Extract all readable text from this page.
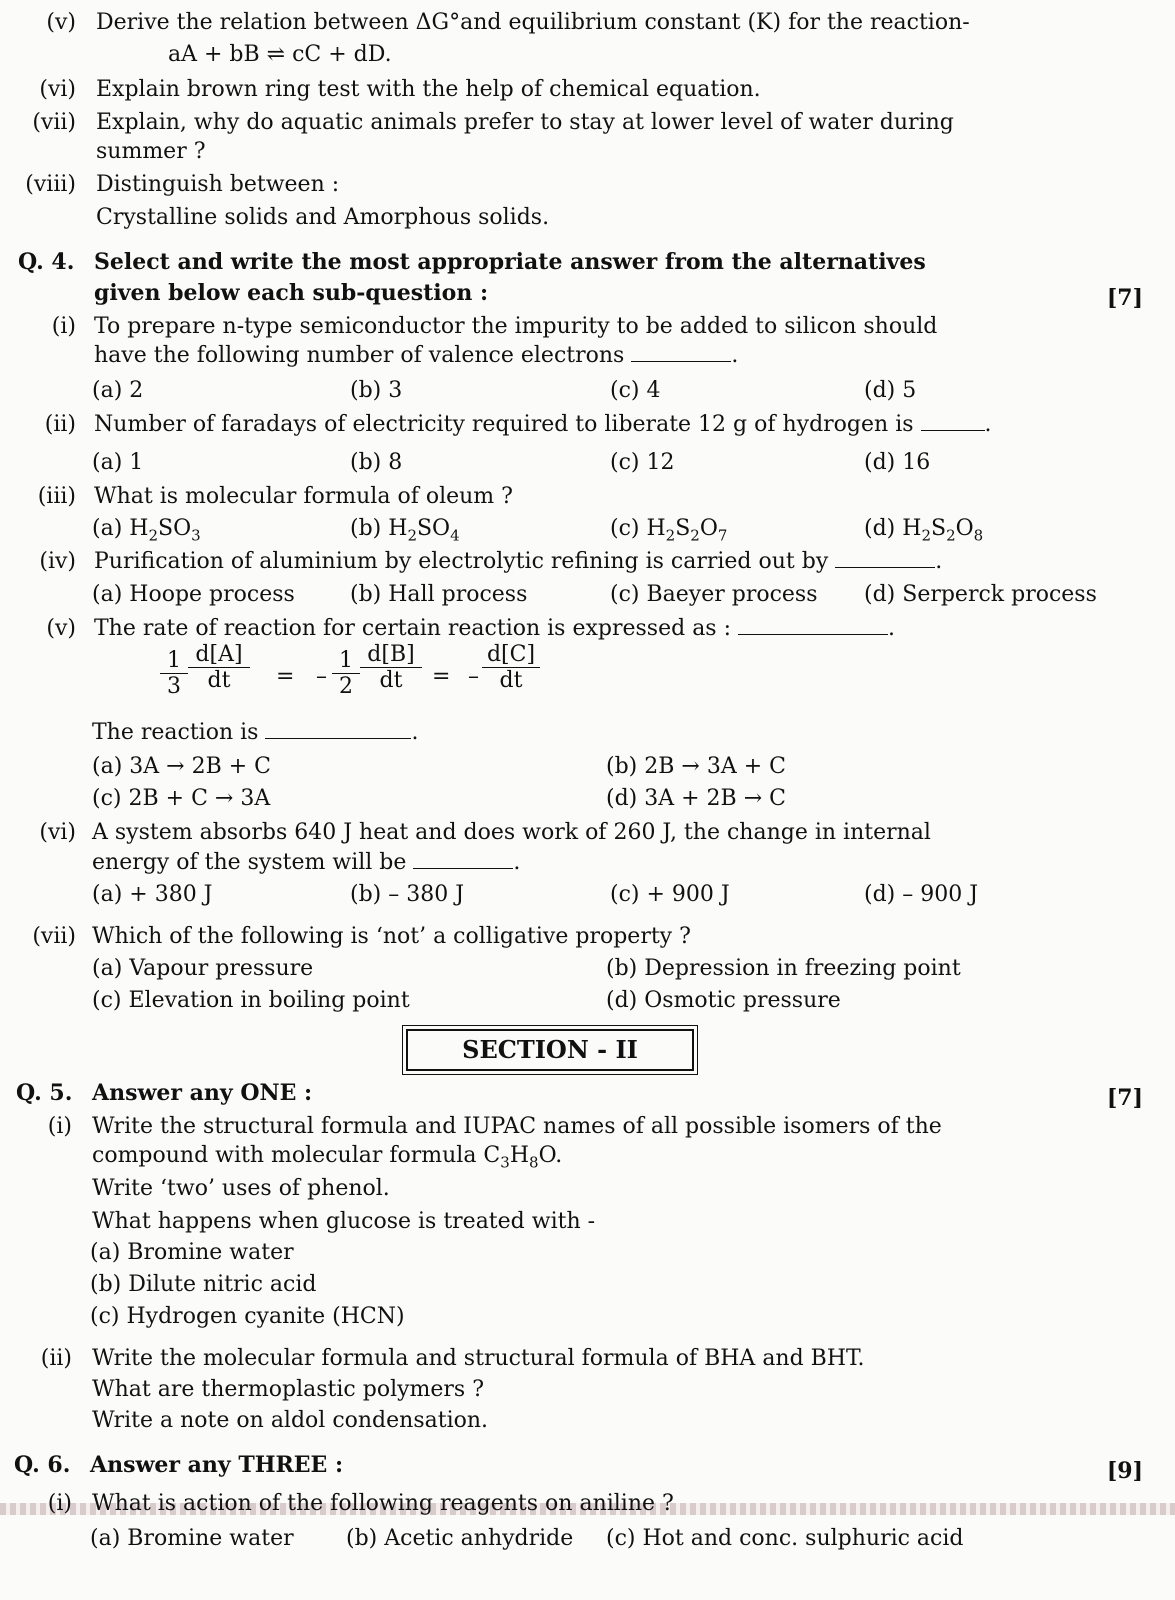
(v) Derive the relation between ΔG°and equilibrium constant (K) for the reaction-
aA + bB ⇌ cC + dD.
(vi) Explain brown ring test with the help of chemical equation.
(vii) Explain, why do aquatic animals prefer to stay at lower level of water during
summer ?
(viii) Distinguish between :
Crystalline solids and Amorphous solids.
Q. 4. Select and write the most appropriate answer from the alternatives
given below each sub-question :	[7]
(i) To prepare n-type semiconductor the impurity to be added to silicon should
have the following number of valence electrons	.
(a) 2	(b) 3	(c) 4	(d) 5
(ii) Number of faradays of electricity required to liberate 12 g of hydrogen is	.
(a) 1	(b) 8	(c) 12	(d) 16
(iii) What is molecular formula of oleum ?
(a) $H_2SO_3$	(b) $H_2SO_4$	(c) $H_2S_2O_7$	(d) $H_2S_2O_8$
(iv) Purification of aluminium by electrolytic refining is carried out by	.
(a) Hoope process	(b) Hall process	(c) Baeyer process (d) Serperck process
(v) The rate of reaction for certain reaction is expressed as :	.
$\frac{1}{3} \frac{d[A]}{dt}$ = – $\frac{1}{2} \frac{d[B]}{dt}$ = – $\frac{d[C]}{dt}$
The reaction is	.
(a) 3A → 2B + C	(b) 2B → 3A + C
(c) 2B + C → 3A	(d) 3A + 2B → C
(vi) A system absorbs 640 J heat and does work of 260 J, the change in internal
energy of the system will be	.
(a) + 380 J	(b) – 380 J	(c) + 900 J	(d) – 900 J
(vii) Which of the following is ‘not’ a colligative property ?
(a) Vapour pressure	(b) Depression in freezing point
(c) Elevation in boiling point	(d) Osmotic pressure
SECTION - II
Q. 5. Answer any ONE :	[7]
(i) Write the structural formula and IUPAC names of all possible isomers of the
compound with molecular formula $C_3H_8O$.
Write ‘two’ uses of phenol.
What happens when glucose is treated with -
(a) Bromine water
(b) Dilute nitric acid
(c) Hydrogen cyanite (HCN)
(ii) Write the molecular formula and structural formula of BHA and BHT.
What are thermoplastic polymers ?
Write a note on aldol condensation.
Q. 6. Answer any THREE :	[9]
(i) What is action of the following reagents on aniline ?
(a) Bromine water (b) Acetic anhydride (c) Hot and conc. sulphuric acid
